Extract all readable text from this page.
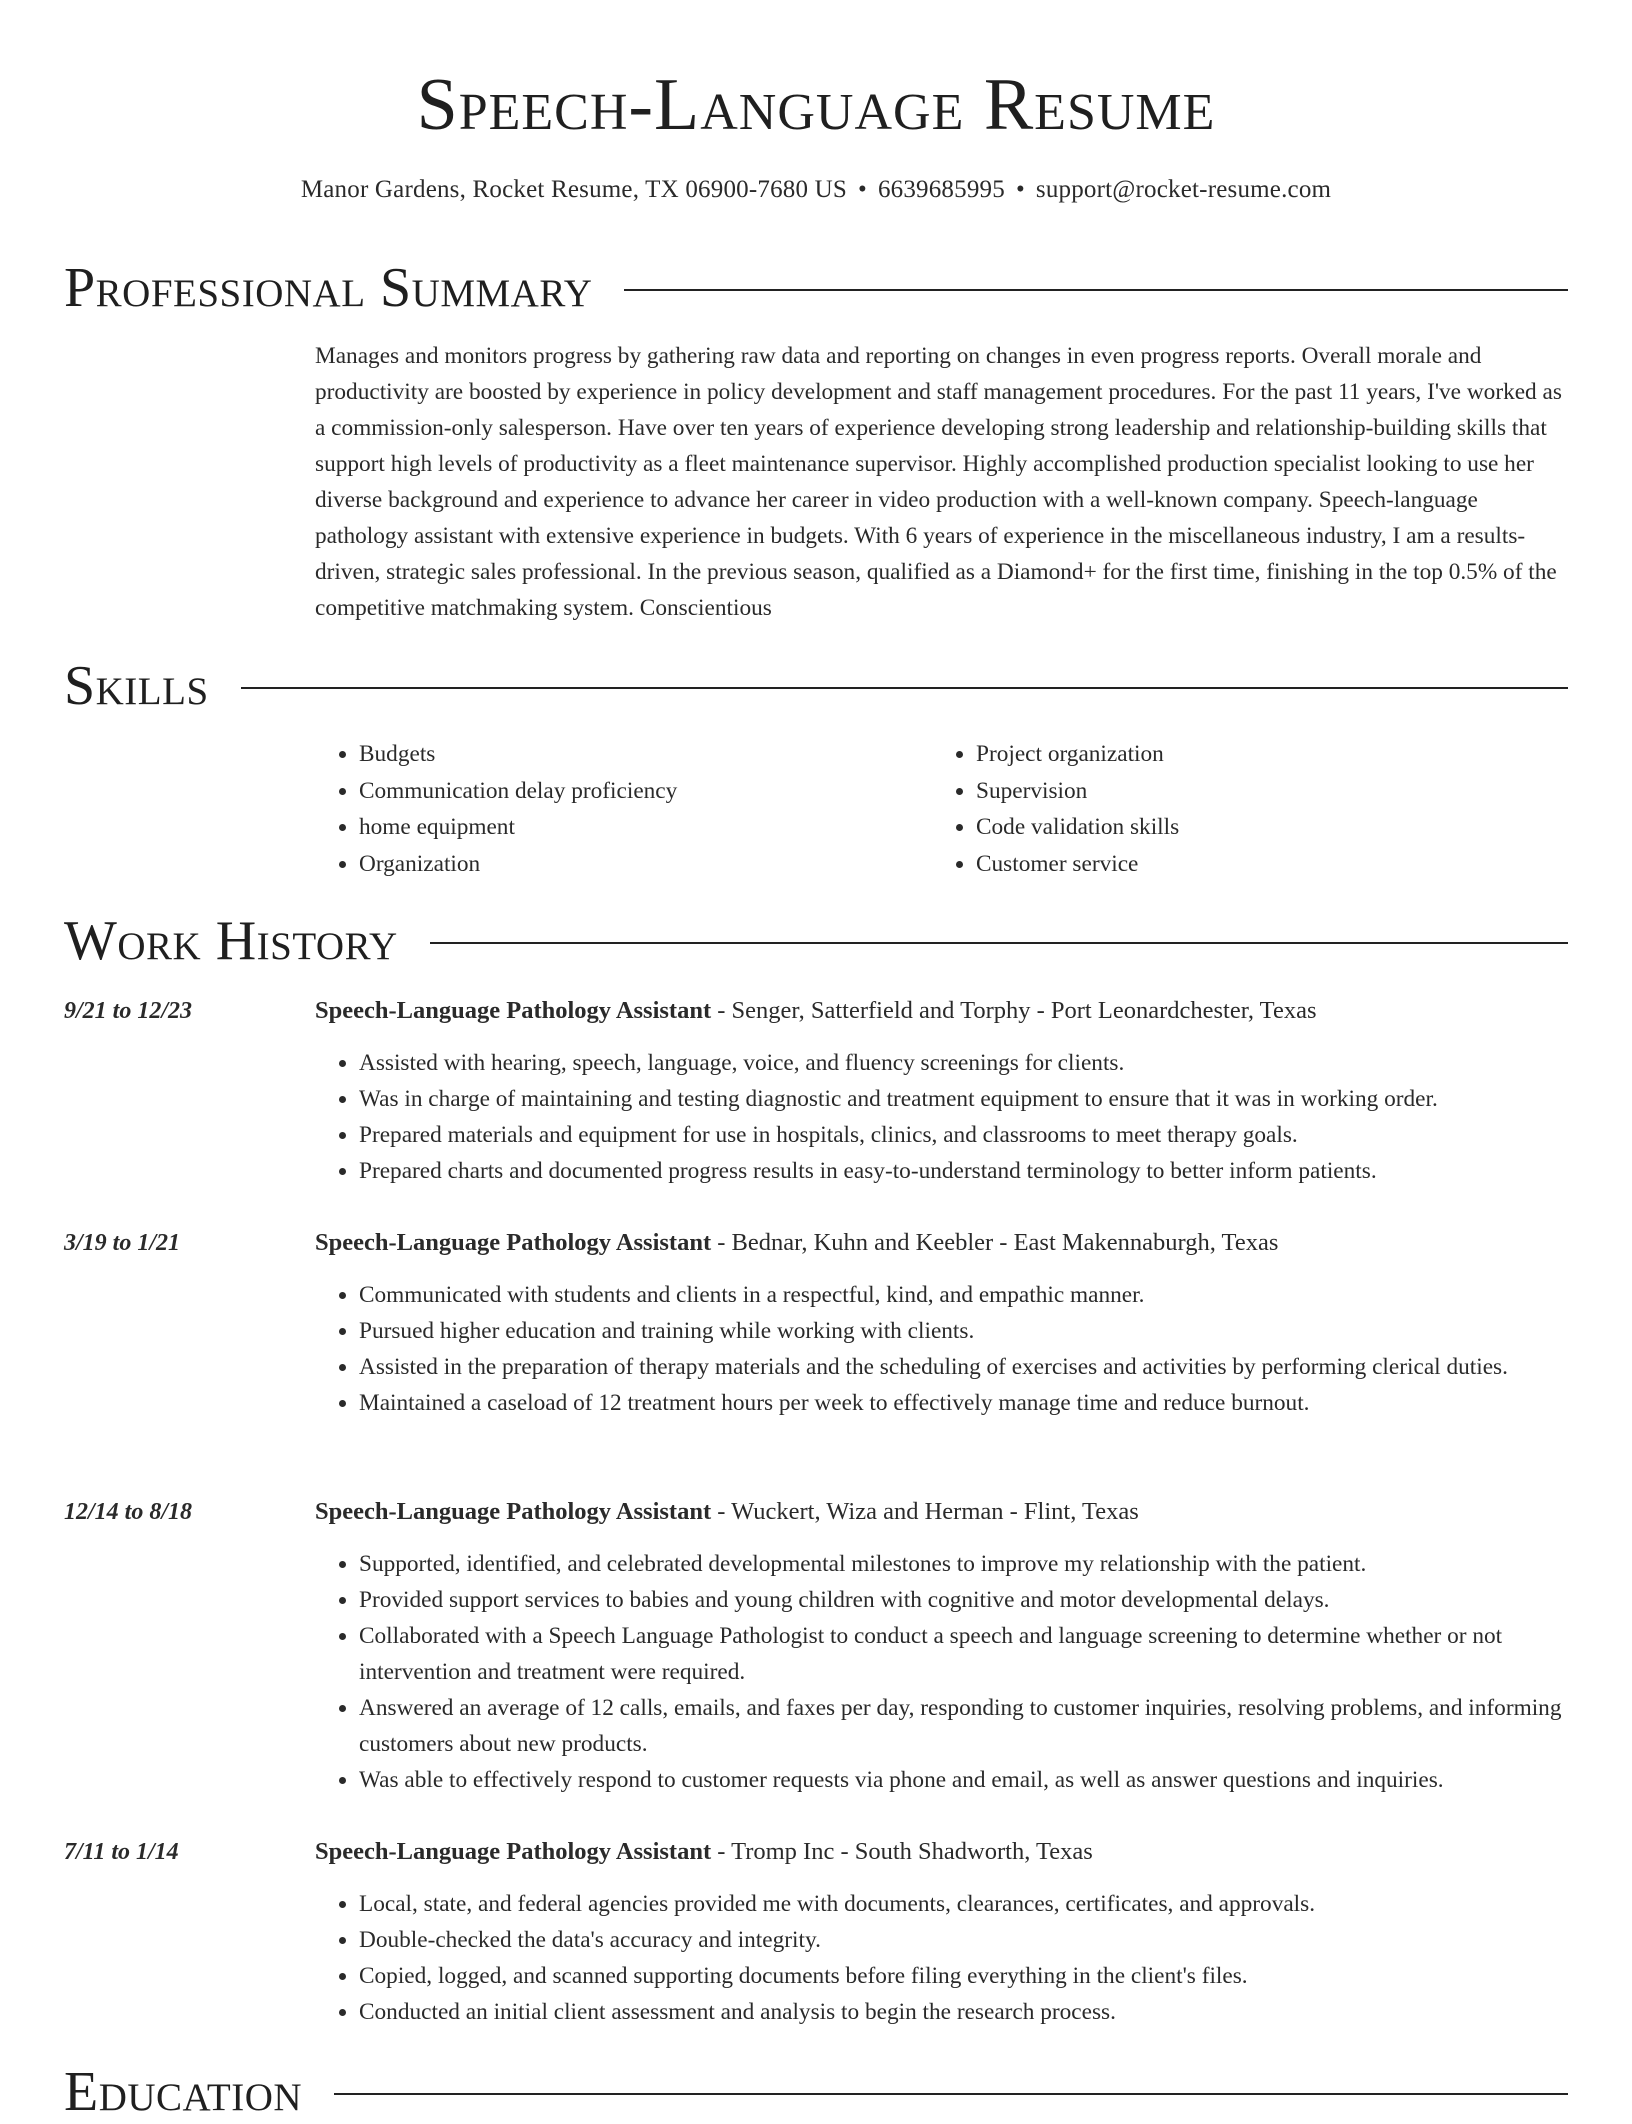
Speech-Language Resume
Manor Gardens, Rocket Resume, TX 06900-7680 US • 6639685995 • support@rocket-resume.com
Professional Summary

Manages and monitors progress by gathering raw data and reporting on changes in even progress reports. Overall morale and productivity are boosted by experience in policy development and staff management procedures. For the past 11 years, I've worked as a commission-only salesperson. Have over ten years of experience developing strong leadership and relationship-building skills that support high levels of productivity as a fleet maintenance supervisor. Highly accomplished production specialist looking to use her diverse background and experience to advance her career in video production with a well-known company. Speech-language pathology assistant with extensive experience in budgets. With 6 years of experience in the miscellaneous industry, I am a results-driven, strategic sales professional. In the previous season, qualified as a Diamond+ for the first time, finishing in the top 0.5% of the competitive matchmaking system. Conscientious

Skills
• Budgets
• Communication delay proficiency
• home equipment
• Organization
• Project organization
• Supervision
• Code validation skills
• Customer service
Work History
9/21 to 12/23	Speech-Language Pathology Assistant - Senger, Satterfield and Torphy - Port Leonardchester, Texas
• Assisted with hearing, speech, language, voice, and fluency screenings for clients.
• Was in charge of maintaining and testing diagnostic and treatment equipment to ensure that it was in working order.
• Prepared materials and equipment for use in hospitals, clinics, and classrooms to meet therapy goals.
• Prepared charts and documented progress results in easy-to-understand terminology to better inform patients.
3/19 to 1/21	Speech-Language Pathology Assistant - Bednar, Kuhn and Keebler - East Makennaburgh, Texas
• Communicated with students and clients in a respectful, kind, and empathic manner.
• Pursued higher education and training while working with clients.
• Assisted in the preparation of therapy materials and the scheduling of exercises and activities by performing clerical duties.
• Maintained a caseload of 12 treatment hours per week to effectively manage time and reduce burnout.
12/14 to 8/18	Speech-Language Pathology Assistant - Wuckert, Wiza and Herman - Flint, Texas
• Supported, identified, and celebrated developmental milestones to improve my relationship with the patient.
• Provided support services to babies and young children with cognitive and motor developmental delays.
• Collaborated with a Speech Language Pathologist to conduct a speech and language screening to determine whether or not intervention and treatment were required.
• Answered an average of 12 calls, emails, and faxes per day, responding to customer inquiries, resolving problems, and informing customers about new products.
• Was able to effectively respond to customer requests via phone and email, as well as answer questions and inquiries.
7/11 to 1/14	Speech-Language Pathology Assistant - Tromp Inc - South Shadworth, Texas
• Local, state, and federal agencies provided me with documents, clearances, certificates, and approvals.
• Double-checked the data's accuracy and integrity.
• Copied, logged, and scanned supporting documents before filing everything in the client's files.
• Conducted an initial client assessment and analysis to begin the research process.
Education
